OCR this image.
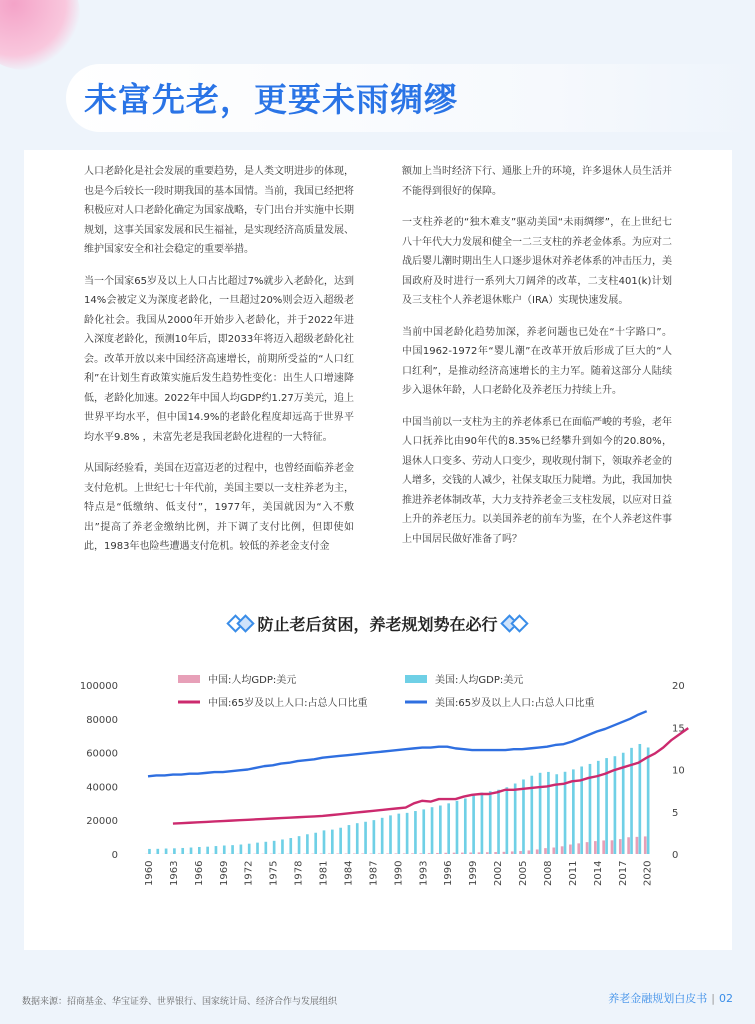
未富先老，更要未雨绸缪

人口老龄化是社会发展的重要趋势，是人类文明进步的体现，也是今后较长一段时期我国的基本国情。当前，我国已经把将积极应对人口老龄化确定为国家战略，专门出台并实施中长期规划，这事关国家发展和民生福祉，是实现经济高质量发展、维护国家安全和社会稳定的重要举措。

当一个国家65岁及以上人口占比超过7%就步入老龄化，达到14%会被定义为深度老龄化，一旦超过20%则会迈入超级老龄化社会。我国从2000年开始步入老龄化，并于2022年进入深度老龄化，预测10年后，即2033年将迈入超级老龄化社会。改革开放以来中国经济高速增长，前期所受益的“人口红利”在计划生育政策实施后发生趋势性变化：出生人口增速降低，老龄化加速。2022年中国人均GDP约1.27万美元，追上世界平均水平，但中国14.9%的老龄化程度却远高于世界平均水平9.8% ，未富先老是我国老龄化进程的一大特征。

从国际经验看，美国在迈富迈老的过程中，也曾经面临养老金支付危机。上世纪七十年代前，美国主要以一支柱养老为主，特点是“低缴纳、低支付”，1977年，美国就因为“入不敷出”提高了养老金缴纳比例，并下调了支付比例，但即使如此，1983年也险些遭遇支付危机。较低的养老金支付金

额加上当时经济下行、通胀上升的环境，许多退休人员生活并不能得到很好的保障。

一支柱养老的“独木难支”驱动美国“未雨绸缪”，在上世纪七八十年代大力发展和健全一二三支柱的养老金体系。为应对二战后婴儿潮时期出生人口逐步退休对养老体系的冲击压力，美国政府及时进行一系列大刀阔斧的改革，二支柱401(k)计划及三支柱个人养老退休账户（IRA）实现快速发展。

当前中国老龄化趋势加深，养老问题也已处在“十字路口”。中国1962-1972年“婴儿潮”在改革开放后形成了巨大的“人口红利”，是推动经济高速增长的主力军。随着这部分人陆续步入退休年龄，人口老龄化及养老压力持续上升。

中国当前以一支柱为主的养老体系已在面临严峻的考验，老年人口抚养比由90年代的8.35%已经攀升到如今的20.80%，退休人口变多、劳动人口变少，现收现付制下，领取养老金的人增多，交钱的人减少，社保支取压力陡增。为此，我国加快推进养老体制改革，大力支持养老金三支柱发展，以应对日益上升的养老压力。以美国养老的前车为鉴，在个人养老这件事上中国居民做好准备了吗？

防止老后贫困，养老规划势在必行
100000
80000
60000
40000
20000
0
20
15
10
5
0
1960 1963 1966 1969 1972 1975 1978 1981 1984 1987 1990 1993 1996 1999 2002 2005 2008 2011 2014 2017 2020
中国:人均GDP:美元	美国:人均GDP:美元
中国:65岁及以上人口:占总人口比重	美国:65岁及以上人口:占总人口比重
数据来源：招商基金、华宝证券、世界银行、国家统计局、经济合作与发展组织	养老金融规划白皮书 | 02
